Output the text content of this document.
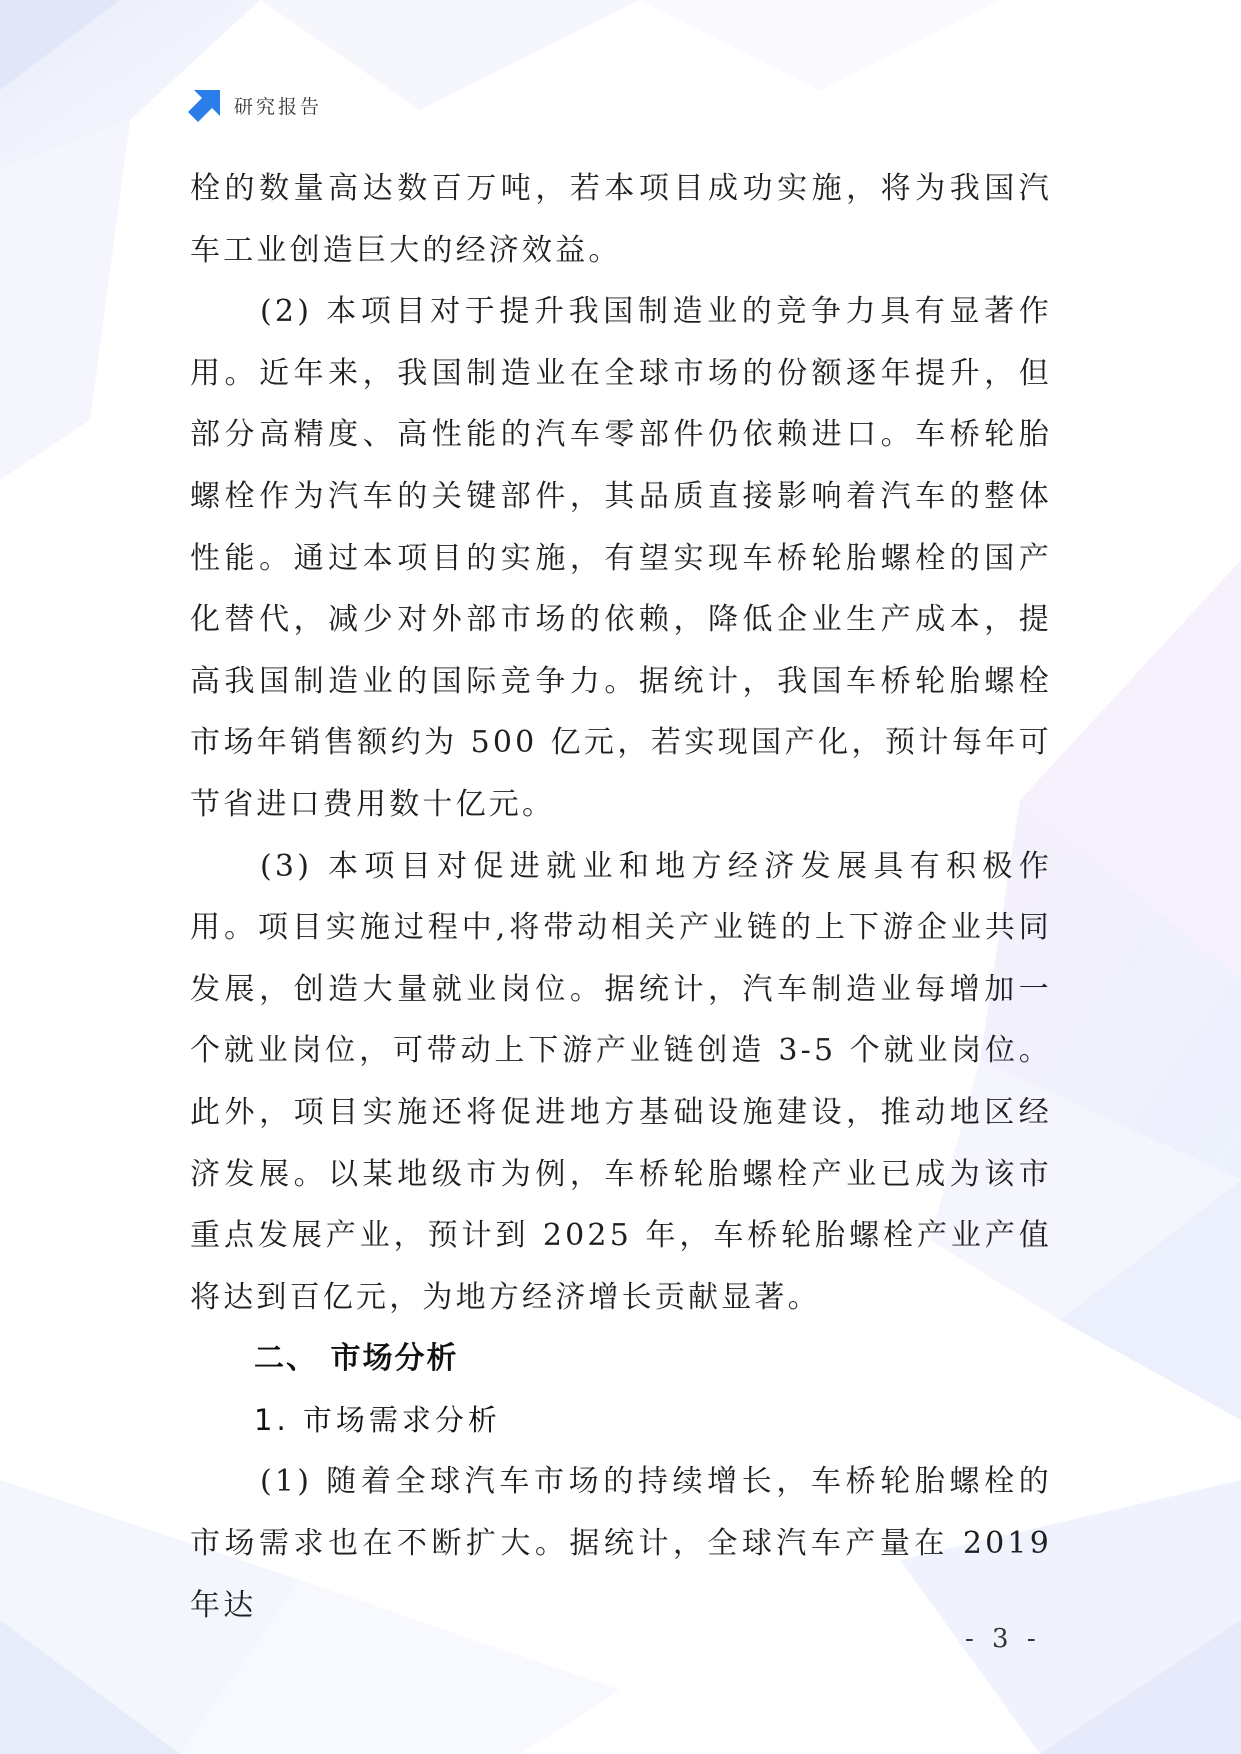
研究报告

栓的数量高达数百万吨，若本项目成功实施，将为我国汽车工业创造巨大的经济效益。

(2) 本项目对于提升我国制造业的竞争力具有显著作用。近年来，我国制造业在全球市场的份额逐年提升，但部分高精度、高性能的汽车零部件仍依赖进口。车桥轮胎螺栓作为汽车的关键部件，其品质直接影响着汽车的整体性能。通过本项目的实施，有望实现车桥轮胎螺栓的国产化替代，减少对外部市场的依赖，降低企业生产成本，提高我国制造业的国际竞争力。据统计，我国车桥轮胎螺栓市场年销售额约为 500 亿元，若实现国产化，预计每年可节省进口费用数十亿元。

(3) 本项目对促进就业和地方经济发展具有积极作用。项目实施过程中,将带动相关产业链的上下游企业共同发展，创造大量就业岗位。据统计，汽车制造业每增加一个就业岗位，可带动上下游产业链创造 3-5 个就业岗位。此外，项目实施还将促进地方基础设施建设，推动地区经济发展。以某地级市为例，车桥轮胎螺栓产业已成为该市重点发展产业，预计到 2025 年，车桥轮胎螺栓产业产值将达到百亿元，为地方经济增长贡献显著。

二、 市场分析
1. 市场需求分析

(1) 随着全球汽车市场的持续增长，车桥轮胎螺栓的市场需求也在不断扩大。据统计，全球汽车产量在 2019 年达

- 3 -
